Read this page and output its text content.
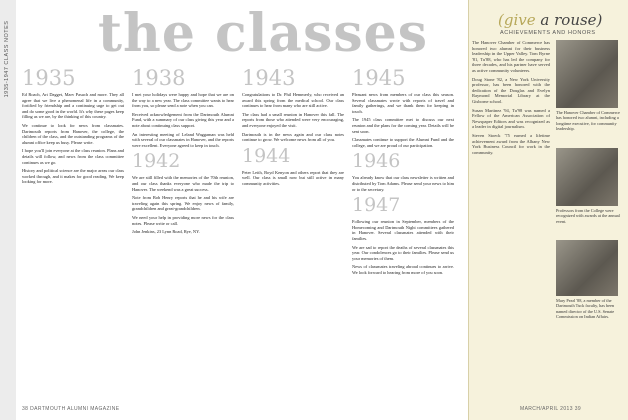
1935-1947 CLASS NOTES the classes
1935

Ed Roach, Art Dagget, Marv Pasuch and more. They all agree that we live a phenomenal life in a community, fortified by friendship and a continuing urge to get out and do some good in the world. It's why these pages keep filling as we are, by the thinking of this country.

We continue to look for news from classmates. Dartmouth reports from Hanover, the college, the children of the class, and the outstanding programs of the alumni office keep us busy. Please write.

I hope you'll join everyone at the class reunion. Plans and details will follow, and news from the class committee continues as we go.

History and political science are the major areas our class worked through, and it makes for good reading. We keep looking for more.

1938

I met your holidays were happy and hope that we are on the way to a new year. The class committee wants to hear from you, so please send a note when you can.

Received acknowledgement from the Dartmouth Alumni Fund, with a summary of our class giving this year and a note about continuing class support.

An interesting meeting of Leland Waggaman was held with several of our classmates in Hanover, and the reports were excellent. Everyone agreed to keep in touch.

1942

We are still filled with the memories of the 70th reunion, and our class thanks everyone who made the trip to Hanover. The weekend was a great success.

Note from Bob Henry reports that he and his wife are traveling again this spring. We enjoy news of family, grandchildren and great-grandchildren.

We need your help in providing more news for the class notes. Please write or call.

John Jenkins, 23 Lynn Road, Rye, NY.

1943

Congratulations to Dr. Phil Hemmerly, who received an award this spring from the medical school. Our class continues to hear from many who are still active.

The class had a small reunion in Hanover this fall. The reports from those who attended were very encouraging, and everyone enjoyed the visit.

Dartmouth is in the news again and our class notes continue to grow. We welcome news from all of you.

1944

Peter Leith, Boyd Kenyon and others report that they are well. Our class is small now but still active in many community activities.

1945

Pleasant news from members of our class this season. Several classmates wrote with reports of travel and family gatherings, and we thank them for keeping in touch.

The 1945 class committee met to discuss our next reunion and the plans for the coming year. Details will be sent soon.

Classmates continue to support the Alumni Fund and the college, and we are proud of our participation.

1946

You already know that our class newsletter is written and distributed by Tom Adams. Please send your news to him or to the secretary.

1947

Following our reunion in September, members of the Homecoming and Dartmouth Night committees gathered in Hanover. Several classmates attended with their families.

We are sad to report the deaths of several classmates this year. Our condolences go to their families. Please send us your memories of them.

News of classmates traveling abroad continues to arrive. We look forward to hearing from more of you soon.

(give a rouse)
ACHIEVEMENTS AND HONORS

The Hanover Chamber of Commerce has honored two alumni for their business leadership in the Upper Valley. Tom Byrne '81, Tu'88, who has led the company for three decades, and his partner have served as active community volunteers.

Doug Stone '82, a New York University professor, has been honored with the dedication of the Douglas and Evelyn Raymond Memorial Library at the Gisborne school.

Susan Martinez '94, Tu'98 was named a Fellow of the American Association of Newspaper Editors and was recognized as a leader in digital journalism.

Steven Stoeck '75 earned a lifetime achievement award from the Albany New York Business Council for work in the community.

The Hanover Chamber of Commerce has honored two alumni, including a longtime executive, for community leadership.
Professors from the College were recognized with awards at the annual event.
Mary Pearl '88, a member of the Dartmouth Tuck faculty, has been named director of the U.S. Senate Commission on Indian Affairs.
38 DARTMOUTH ALUMNI MAGAZINE	MARCH/APRIL 2013 39
